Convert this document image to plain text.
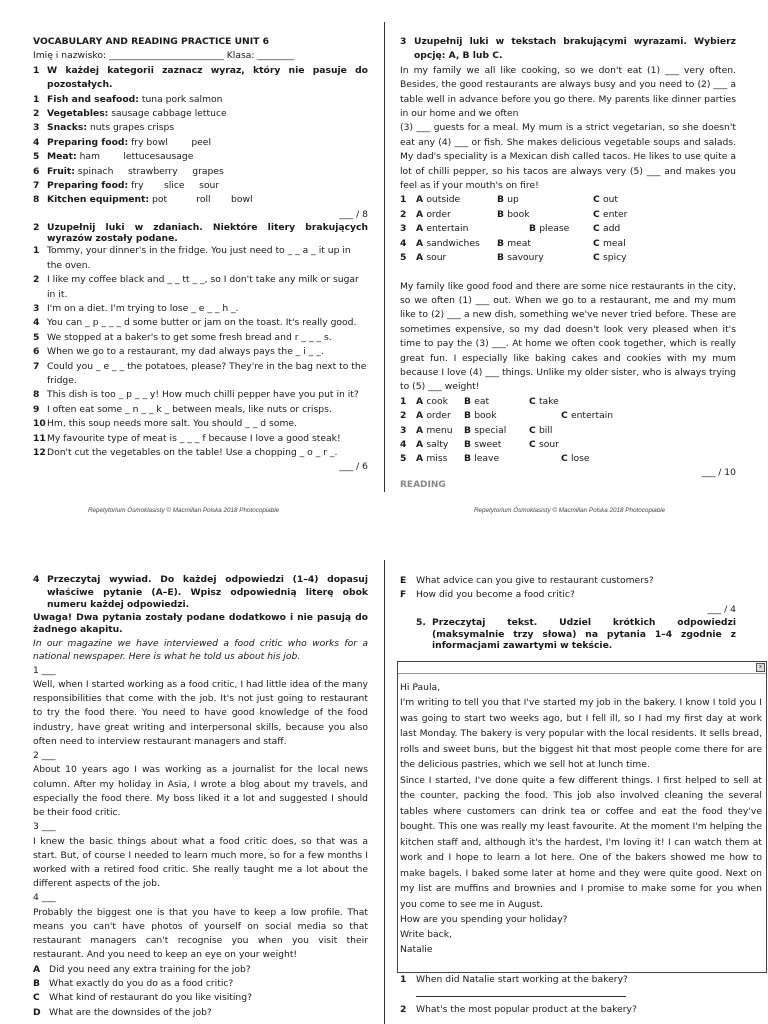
VOCABULARY AND READING PRACTICE UNIT 6

Imię i nazwisko: _________________________ Klasa: ________

1 W każdej kategorii zaznacz wyraz, który nie pasuje do pozostałych.
1 Fish and seafood: tuna pork salmon
2 Vegetables: sausage cabbage lettuce
3 Snacks: nuts grapes crisps
4 Preparing food: fry bowl        peel
5 Meat: ham        lettucesausage
6 Fruit: spinach     strawberry     grapes
7 Preparing food: fry       slice     sour
8 Kitchen equipment: pot          roll       bowl

___ / 8

2 Uzupełnij luki w zdaniach. Niektóre litery brakujących wyrazów zostały podane.
1 Tommy, your dinner's in the fridge. You just need to _ _ a _ it up in the oven.
2 I like my coffee black and _ _ tt _ _, so I don't take any milk or sugar in it.
3 I'm on a diet. I'm trying to lose _ e _ _ h _.
4 You can _ p _ _ _ d some butter or jam on the toast. It's really good.
5 We stopped at a baker's to get some fresh bread and r _ _ _ s.
6 When we go to a restaurant, my dad always pays the _ i _ _.
7 Could you _ e _ _ the potatoes, please? They're in the bag next to the fridge.
8 This dish is too _ p _ _ y! How much chilli pepper have you put in it?
9 I often eat some _ n _ _ k _ between meals, like nuts or crisps.
10 Hm, this soup needs more salt. You should _ _ d some.
11 My favourite type of meat is _ _ _ f because I love a good steak!
12 Don't cut the vegetables on the table! Use a chopping _ o _ r _.

___ / 6

Repetytorium Ósmoklasisty © Macmillan Polska 2018 Photocopiable

3 Uzupełnij luki w tekstach brakującymi wyrazami. Wybierz opcję: A, B lub C.

In my family we all like cooking, so we don't eat (1) ___ very often. Besides, the good restaurants are always busy and you need to (2) ___ a table well in advance before you go there. My parents like dinner parties in our home and we often

(3) ___ guests for a meal. My mum is a strict vegetarian, so she doesn't eat any (4) ___ or fish. She makes delicious vegetable soups and salads. My dad's speciality is a Mexican dish called tacos. He likes to use quite a lot of chilli pepper, so his tacos are always very (5) ___ and makes you feel as if your mouth's on fire!

1	A outside	B up	C out
2	A order	B book	C enter
3	A entertain	B please	C add
4	A sandwiches	B meat	C meal
5	A sour	B savoury	C spicy

My family like good food and there are some nice restaurants in the city, so we often (1) ___ out. When we go to a restaurant, me and my mum like to (2) ___ a new dish, something we've never tried before. These are sometimes expensive, so my dad doesn't look very pleased when it's time to pay the (3) ___. At home we often cook together, which is really great fun. I especially like baking cakes and cookies with my mum because I love (4) ___ things. Unlike my older sister, who is always trying to (5) ___ weight!

1	A cook	B eat	C take
2	A order	B book	C entertain
3	A menu	B special	C bill
4	A salty	B sweet	C sour
5	A miss	B leave	C lose

___ / 10

READING

Repetytorium Ósmoklasisty © Macmillan Polska 2018 Photocopiable

4 Przeczytaj wywiad. Do każdej odpowiedzi (1–4) dopasuj właściwe pytanie (A–E). Wpisz odpowiednią literę obok numeru każdej odpowiedzi.

Uwaga! Dwa pytania zostały podane dodatkowo i nie pasują do żadnego akapitu.

In our magazine we have interviewed a food critic who works for a national newspaper. Here is what he told us about his job.

1 ___

Well, when I started working as a food critic, I had little idea of the many responsibilities that come with the job. It's not just going to restaurant to try the food there. You need to have good knowledge of the food industry, have great writing and interpersonal skills, because you also often need to interview restaurant managers and staff.

2 ___

About 10 years ago I was working as a journalist for the local news column. After my holiday in Asia, I wrote a blog about my travels, and especially the food there. My boss liked it a lot and suggested I should be their food critic.

3 ___

I knew the basic things about what a food critic does, so that was a start. But, of course I needed to learn much more, so for a few months I worked with a retired food critic. She really taught me a lot about the different aspects of the job.

4 ___

Probably the biggest one is that you have to keep a low profile. That means you can't have photos of yourself on social media so that restaurant managers can't recognise you when you visit their restaurant. And you need to keep an eye on your weight!

A Did you need any extra training for the job?
B What exactly do you do as a food critic?
C	What kind of restaurant do you like visiting?
D What are the downsides of the job?
E	What advice can you give to restaurant customers?
F	How did you become a food critic?

___ / 4

5. Przeczytaj tekst. Udziel krótkich odpowiedzi (maksymalnie trzy słowa) na pytania 1–4 zgodnie z informacjami zawartymi w tekście.
x

Hi Paula,

I'm writing to tell you that I've started my job in the bakery. I know I told you I was going to start two weeks ago, but I fell ill, so I had my first day at work last Monday. The bakery is very popular with the local residents. It sells bread, rolls and sweet buns, but the biggest hit that most people come there for are the delicious pastries, which we sell hot at lunch time.

Since I started, I've done quite a few different things. I first helped to sell at the counter, packing the food. This job also involved cleaning the several tables where customers can drink tea or coffee and eat the food they've bought. This one was really my least favourite. At the moment I'm helping the kitchen staff and, although it's the hardest, I'm loving it! I can watch them at work and I hope to learn a lot here. One of the bakers showed me how to make bagels. I baked some later at home and they were quite good. Next on my list are muffins and brownies and I promise to make some for you when you come to see me in August.

How are you spending your holiday?

Write back,

Natalie

1	When did Natalie start working at the bakery?
2	What's the most popular product at the bakery?
